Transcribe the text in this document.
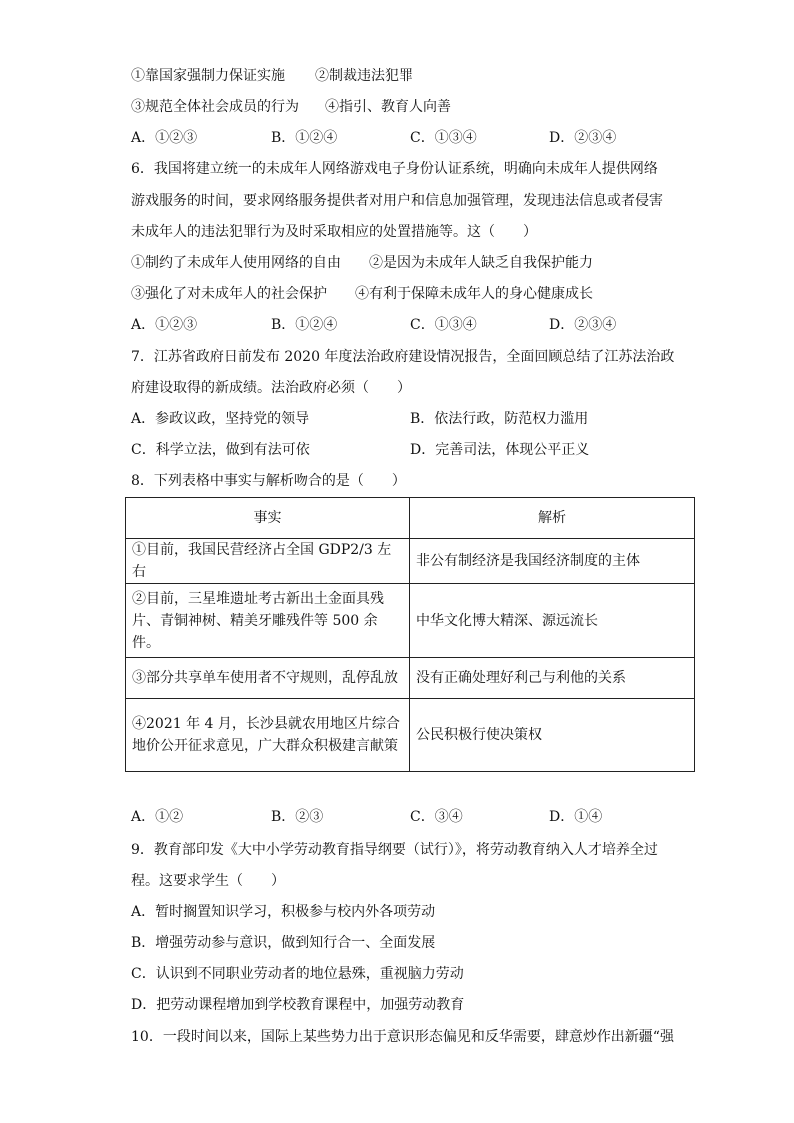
①靠国家强制力保证实施 ②制裁违法犯罪
③规范全体社会成员的行为 ④指引、教育人向善
A．①②③	B．①②④	C．①③④	D．②③④
6．我国将建立统一的未成年人网络游戏电子身份认证系统，明确向未成年人提供网络
游戏服务的时间，要求网络服务提供者对用户和信息加强管理，发现违法信息或者侵害
未成年人的违法犯罪行为及时采取相应的处置措施等。这（　　）
①制约了未成年人使用网络的自由 ②是因为未成年人缺乏自我保护能力
③强化了对未成年人的社会保护 ④有利于保障未成年人的身心健康成长
A．①②③	B．①②④	C．①③④	D．②③④
7．江苏省政府日前发布 2020 年度法治政府建设情况报告，全面回顾总结了江苏法治政
府建设取得的新成绩。法治政府必须（　　）
A．参政议政，坚持党的领导	B．依法行政，防范权力滥用
C．科学立法，做到有法可依	D．完善司法，体现公平正义
8．下列表格中事实与解析吻合的是（　　）
事实	解析
①目前，我国民营经济占全国 GDP2/3 左右	非公有制经济是我国经济制度的主体
②目前，三星堆遗址考古新出土金面具残片、青铜神树、精美牙雕残件等 500 余件。	中华文化博大精深、源远流长
③部分共享单车使用者不守规则，乱停乱放	没有正确处理好利己与利他的关系
④2021 年 4 月，长沙县就农用地区片综合地价公开征求意见，广大群众积极建言献策	公民积极行使决策权
A．①②	B．②③	C．③④	D．①④
9．教育部印发《大中小学劳动教育指导纲要（试行）》，将劳动教育纳入人才培养全过
程。这要求学生（　　）
A．暂时搁置知识学习，积极参与校内外各项劳动
B．增强劳动参与意识，做到知行合一、全面发展
C．认识到不同职业劳动者的地位悬殊，重视脑力劳动
D．把劳动课程增加到学校教育课程中，加强劳动教育
10．一段时间以来，国际上某些势力出于意识形态偏见和反华需要，肆意炒作出新疆“强
